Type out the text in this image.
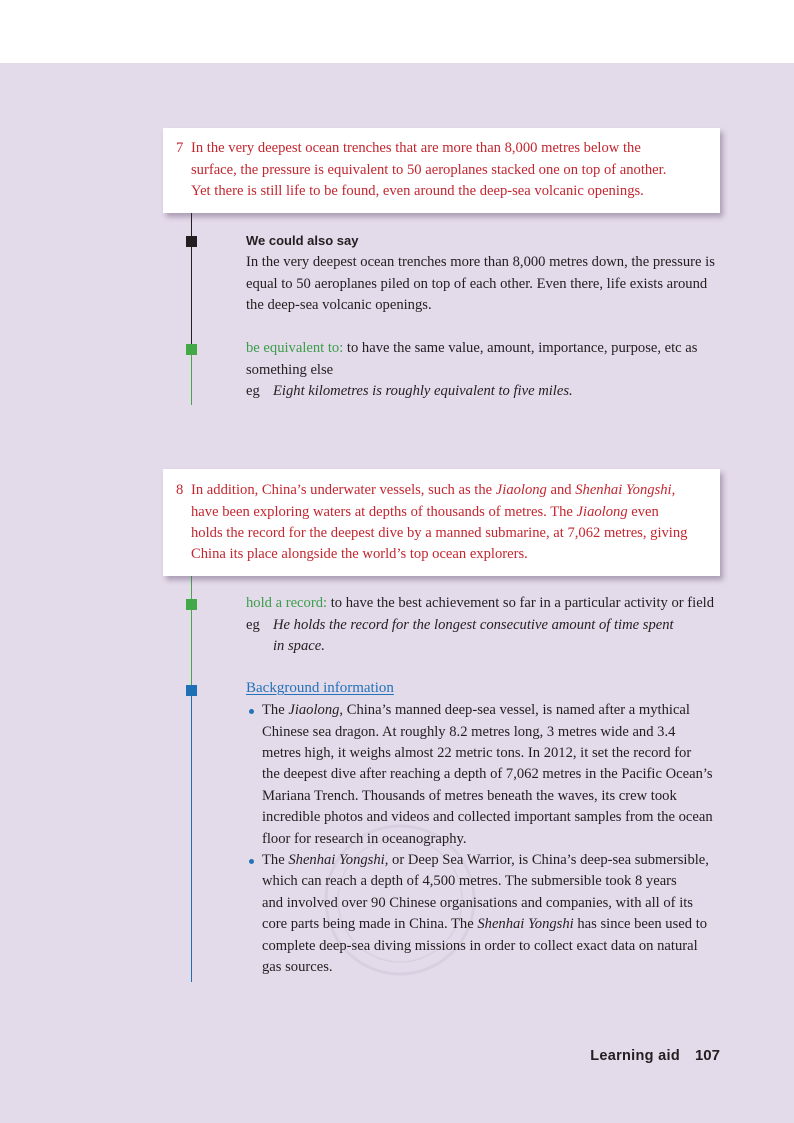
7 In the very deepest ocean trenches that are more than 8,000 metres below the
surface, the pressure is equivalent to 50 aeroplanes stacked one on top of another.
Yet there is still life to be found, even around the deep-sea volcanic openings.
We could also say
In the very deepest ocean trenches more than 8,000 metres down, the pressure is
equal to 50 aeroplanes piled on top of each other. Even there, life exists around
the deep-sea volcanic openings.
be equivalent to: to have the same value, amount, importance, purpose, etc as
something else
eg Eight kilometres is roughly equivalent to five miles.
8 In addition, China’s underwater vessels, such as the Jiaolong and Shenhai Yongshi,
have been exploring waters at depths of thousands of metres. The Jiaolong even
holds the record for the deepest dive by a manned submarine, at 7,062 metres, giving
China its place alongside the world’s top ocean explorers.
hold a record: to have the best achievement so far in a particular activity or field
eg He holds the record for the longest consecutive amount of time spent
in space.
Background information
The Jiaolong, China’s manned deep-sea vessel, is named after a mythical
Chinese sea dragon. At roughly 8.2 metres long, 3 metres wide and 3.4
metres high, it weighs almost 22 metric tons. In 2012, it set the record for
the deepest dive after reaching a depth of 7,062 metres in the Pacific Ocean’s
Mariana Trench. Thousands of metres beneath the waves, its crew took
incredible photos and videos and collected important samples from the ocean
floor for research in oceanography.
The Shenhai Yongshi, or Deep Sea Warrior, is China’s deep-sea submersible,
which can reach a depth of 4,500 metres. The submersible took 8 years
and involved over 90 Chinese organisations and companies, with all of its
core parts being made in China. The Shenhai Yongshi has since been used to
complete deep-sea diving missions in order to collect exact data on natural
gas sources.
Learning aid 107
